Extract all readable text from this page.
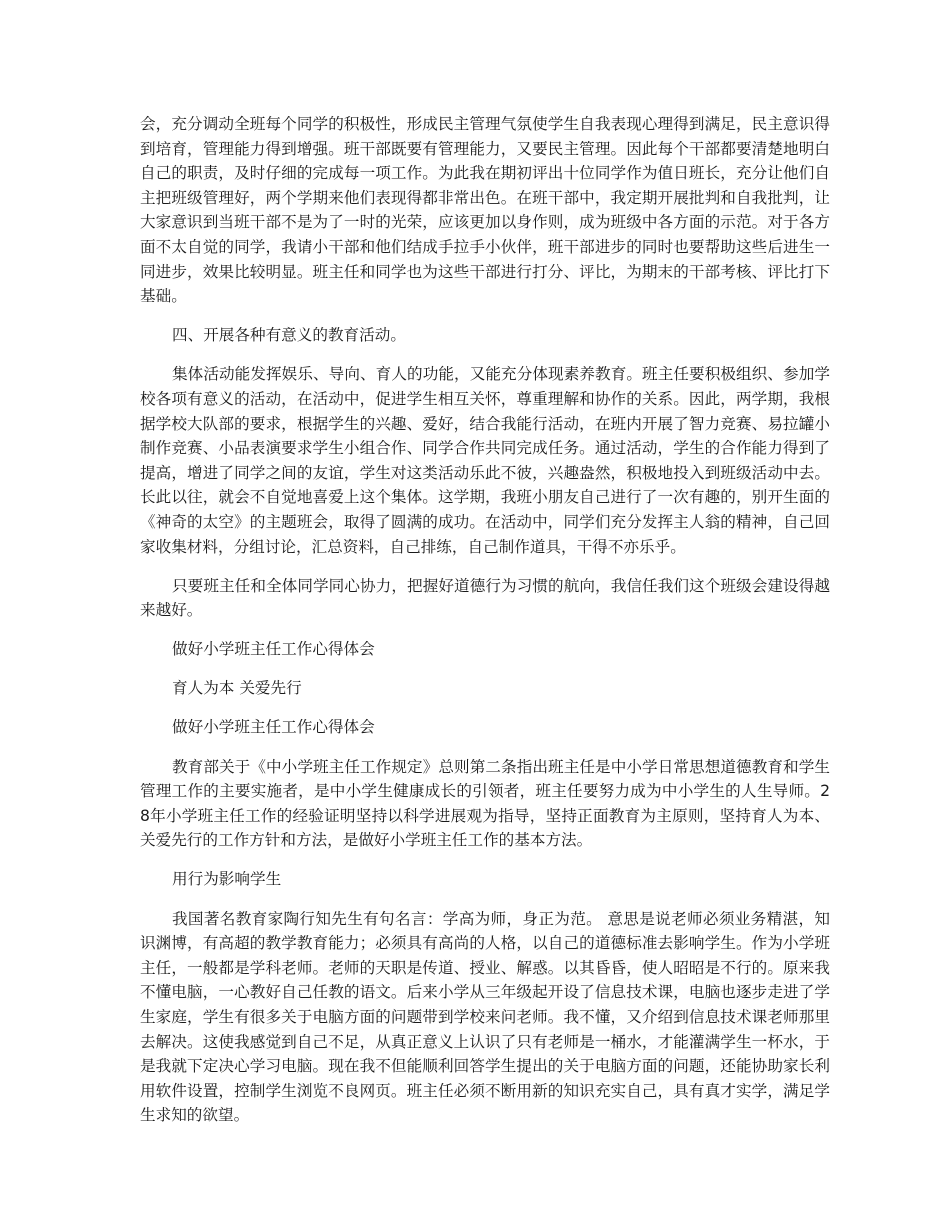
会，充分调动全班每个同学的积极性，形成民主管理气氛使学生自我表现心理得到满足，民主意识得到培育，管理能力得到增强。班干部既要有管理能力，又要民主管理。因此每个干部都要清楚地明白自己的职责，及时仔细的完成每一项工作。为此我在期初评出十位同学作为值日班长，充分让他们自主把班级管理好，两个学期来他们表现得都非常出色。在班干部中，我定期开展批判和自我批判，让大家意识到当班干部不是为了一时的光荣，应该更加以身作则，成为班级中各方面的示范。对于各方面不太自觉的同学，我请小干部和他们结成手拉手小伙伴，班干部进步的同时也要帮助这些后进生一同进步，效果比较明显。班主任和同学也为这些干部进行打分、评比，为期末的干部考核、评比打下基础。

四、开展各种有意义的教育活动。

集体活动能发挥娱乐、导向、育人的功能，又能充分体现素养教育。班主任要积极组织、参加学校各项有意义的活动，在活动中，促进学生相互关怀，尊重理解和协作的关系。因此，两学期，我根据学校大队部的要求，根据学生的兴趣、爱好，结合我能行活动，在班内开展了智力竞赛、易拉罐小制作竞赛、小品表演要求学生小组合作、同学合作共同完成任务。通过活动，学生的合作能力得到了提高，增进了同学之间的友谊，学生对这类活动乐此不彼，兴趣盎然，积极地投入到班级活动中去。长此以往，就会不自觉地喜爱上这个集体。这学期，我班小朋友自己进行了一次有趣的，别开生面的《神奇的太空》的主题班会，取得了圆满的成功。在活动中，同学们充分发挥主人翁的精神，自己回家收集材料，分组讨论，汇总资料，自己排练，自己制作道具，干得不亦乐乎。

只要班主任和全体同学同心协力，把握好道德行为习惯的航向，我信任我们这个班级会建设得越来越好。

做好小学班主任工作心得体会

育人为本 关爱先行

做好小学班主任工作心得体会

教育部关于《中小学班主任工作规定》总则第二条指出班主任是中小学日常思想道德教育和学生管理工作的主要实施者，是中小学生健康成长的引领者，班主任要努力成为中小学生的人生导师。28年小学班主任工作的经验证明坚持以科学进展观为指导，坚持正面教育为主原则，坚持育人为本、关爱先行的工作方针和方法，是做好小学班主任工作的基本方法。

用行为影响学生

我国著名教育家陶行知先生有句名言：学高为师，身正为范。 意思是说老师必须业务精湛，知识渊博，有高超的教学教育能力；必须具有高尚的人格，以自己的道德标准去影响学生。作为小学班主任，一般都是学科老师。老师的天职是传道、授业、解惑。以其昏昏，使人昭昭是不行的。原来我不懂电脑，一心教好自己任教的语文。后来小学从三年级起开设了信息技术课，电脑也逐步走进了学生家庭，学生有很多关于电脑方面的问题带到学校来问老师。我不懂，又介绍到信息技术课老师那里去解决。这使我感觉到自己不足，从真正意义上认识了只有老师是一桶水，才能灌满学生一杯水，于是我就下定决心学习电脑。现在我不但能顺利回答学生提出的关于电脑方面的问题，还能协助家长利用软件设置，控制学生浏览不良网页。班主任必须不断用新的知识充实自己，具有真才实学，满足学生求知的欲望。
